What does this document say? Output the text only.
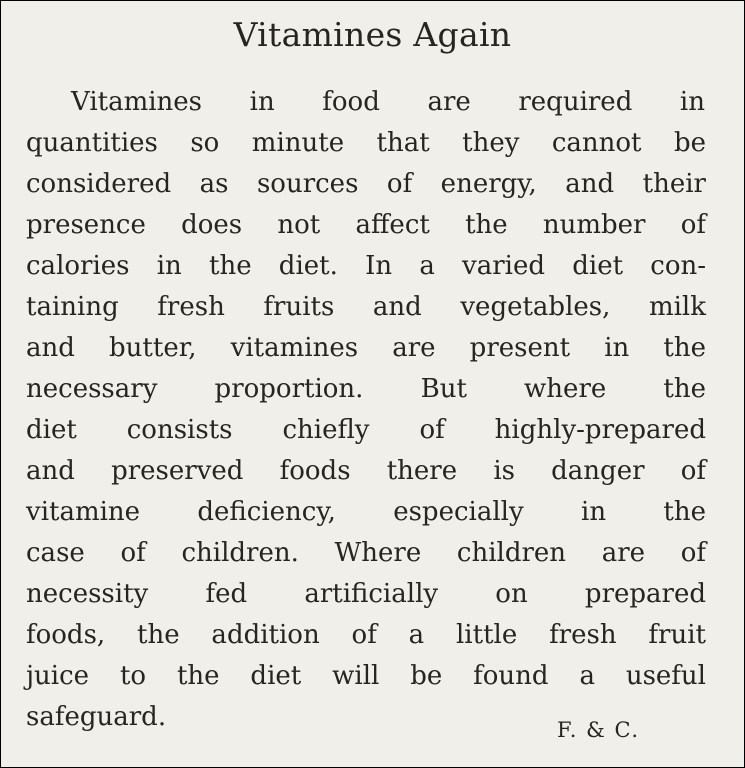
Vitamines Again
Vitamines in food are required in
quantities so minute that they cannot be
considered as sources of energy, and their
presence does not affect the number of
calories in the diet. In a varied diet con-
taining fresh fruits and vegetables, milk
and butter, vitamines are present in the
necessary proportion. But where the
diet consists chiefly of highly-prepared
and preserved foods there is danger of
vitamine deficiency, especially in the
case of children. Where children are of
necessity fed artificially on prepared
foods, the addition of a little fresh fruit
juice to the diet will be found a useful
safeguard.	F. & C.
